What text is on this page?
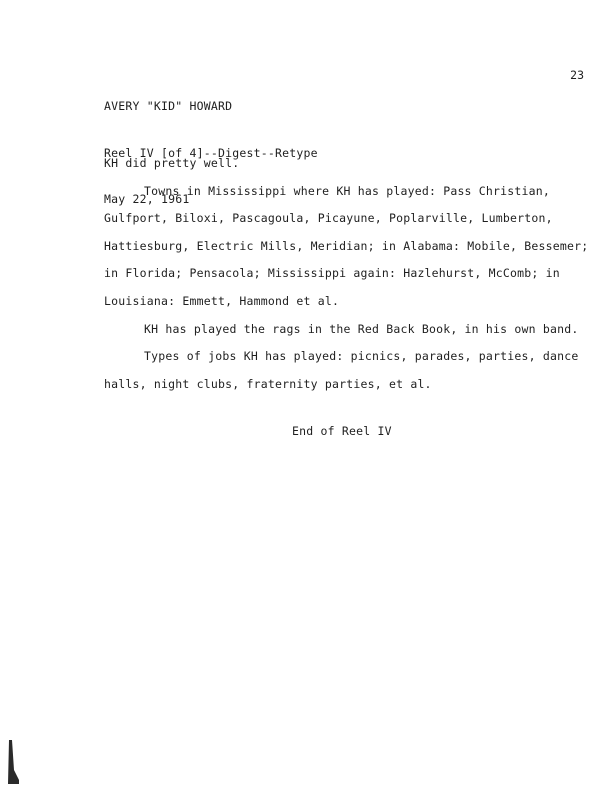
AVERY "KID" HOWARD

Reel IV [of 4]--Digest--Retype

May 22, 1961

23

KH did pretty well.

Towns in Mississippi where KH has played: Pass Christian, Gulfport, Biloxi, Pascagoula, Picayune, Poplarville, Lumberton, Hattiesburg, Electric Mills, Meridian; in Alabama: Mobile, Bessemer; in Florida; Pensacola; Mississippi again: Hazlehurst, McComb; in Louisiana: Emmett, Hammond et al.

KH has played the rags in the Red Back Book, in his own band.

Types of jobs KH has played: picnics, parades, parties, dance halls, night clubs, fraternity parties, et al.

End of Reel IV
